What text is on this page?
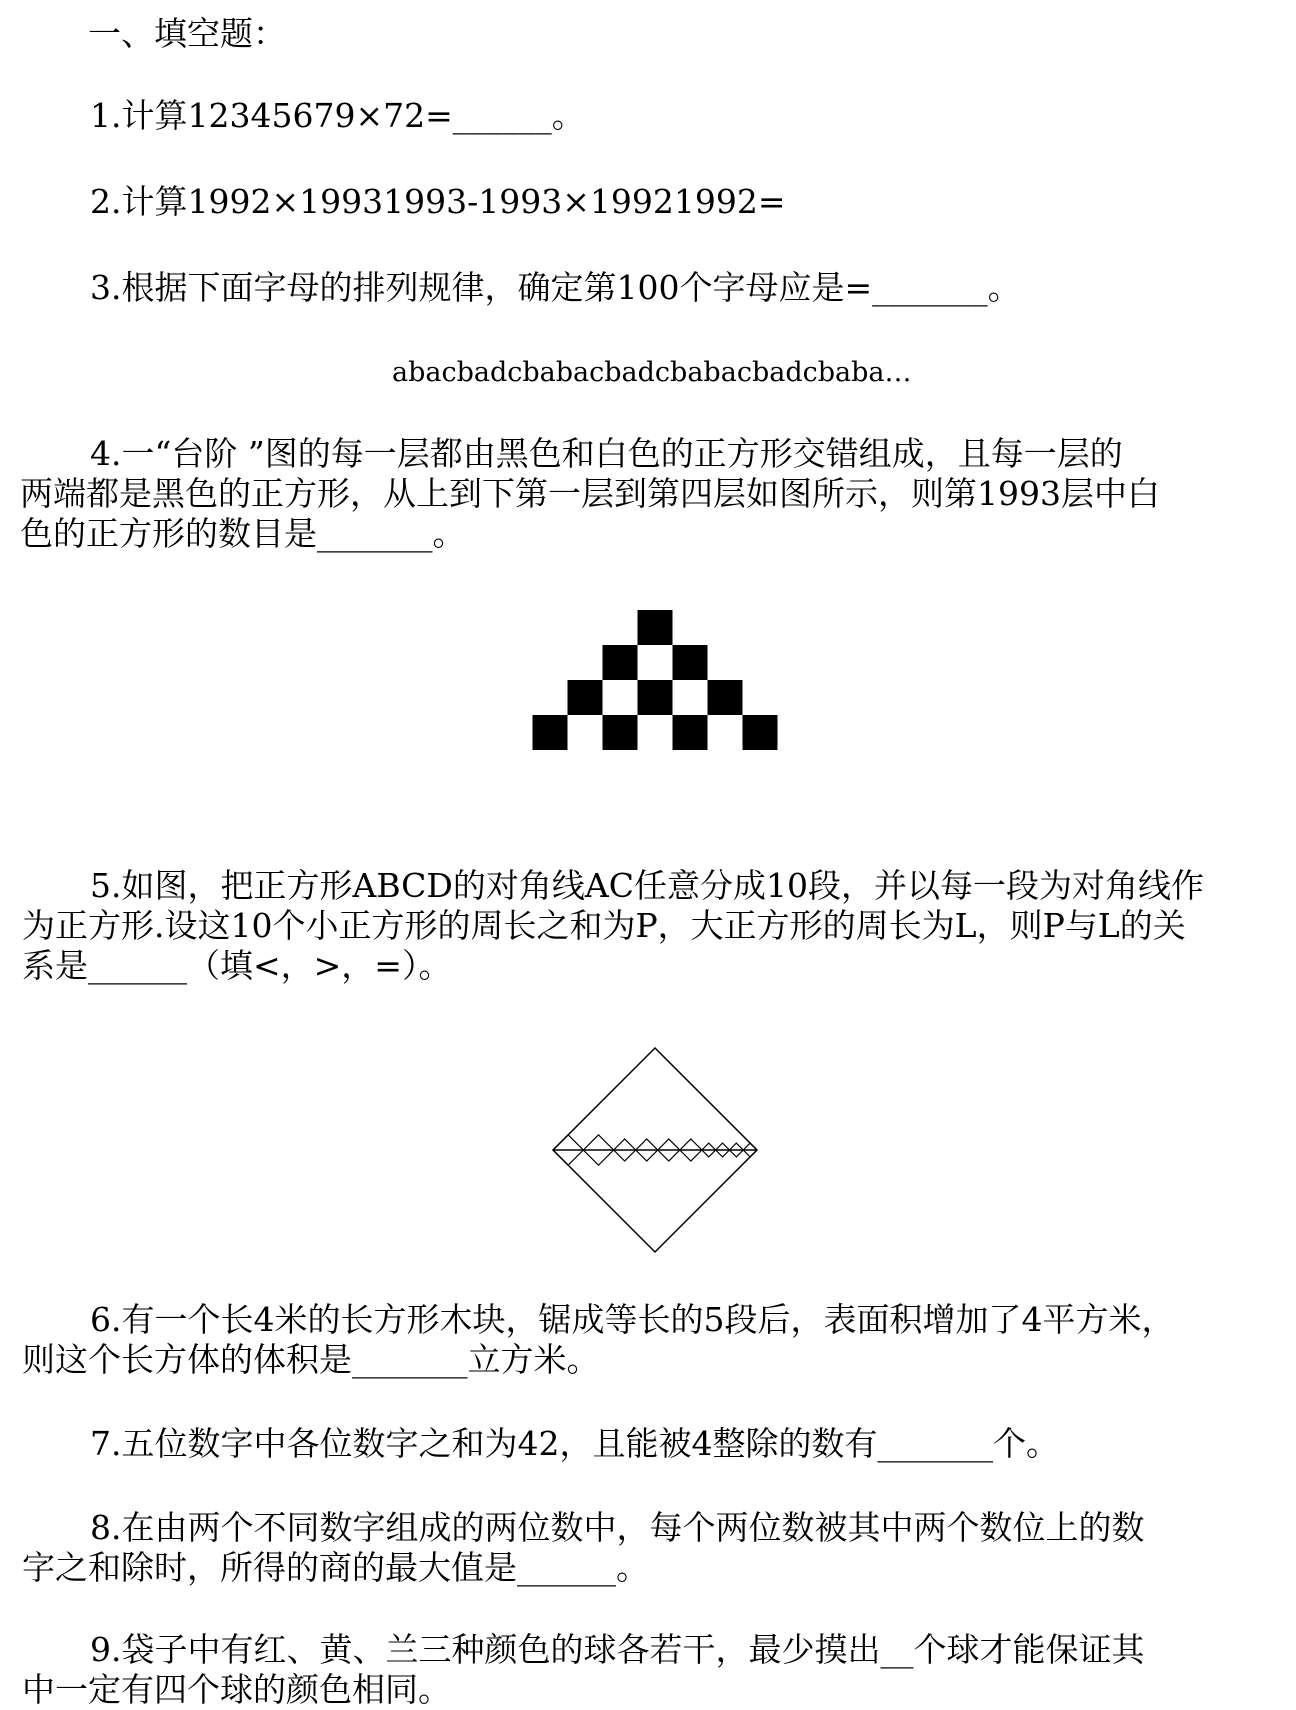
一、填空题：
1.计算12345679×72=______。
2.计算1992×19931993-1993×19921992=
3.根据下面字母的排列规律，确定第100个字母应是=_______。
abacbadcbabacbadcbabacbadcbaba…
4.一“台阶 ”图的每一层都由黑色和白色的正方形交错组成，且每一层的
两端都是黑色的正方形，从上到下第一层到第四层如图所示，则第1993层中白
色的正方形的数目是_______。
5.如图，把正方形ABCD的对角线AC任意分成10段，并以每一段为对角线作
为正方形.设这10个小正方形的周长之和为P，大正方形的周长为L，则P与L的关
系是______（填<，>，=）。
6.有一个长4米的长方形木块，锯成等长的5段后，表面积增加了4平方米，
则这个长方体的体积是_______立方米。
7.五位数字中各位数字之和为42，且能被4整除的数有_______个。
8.在由两个不同数字组成的两位数中，每个两位数被其中两个数位上的数
字之和除时，所得的商的最大值是______。
9.袋子中有红、黄、兰三种颜色的球各若干，最少摸出__个球才能保证其
中一定有四个球的颜色相同。
